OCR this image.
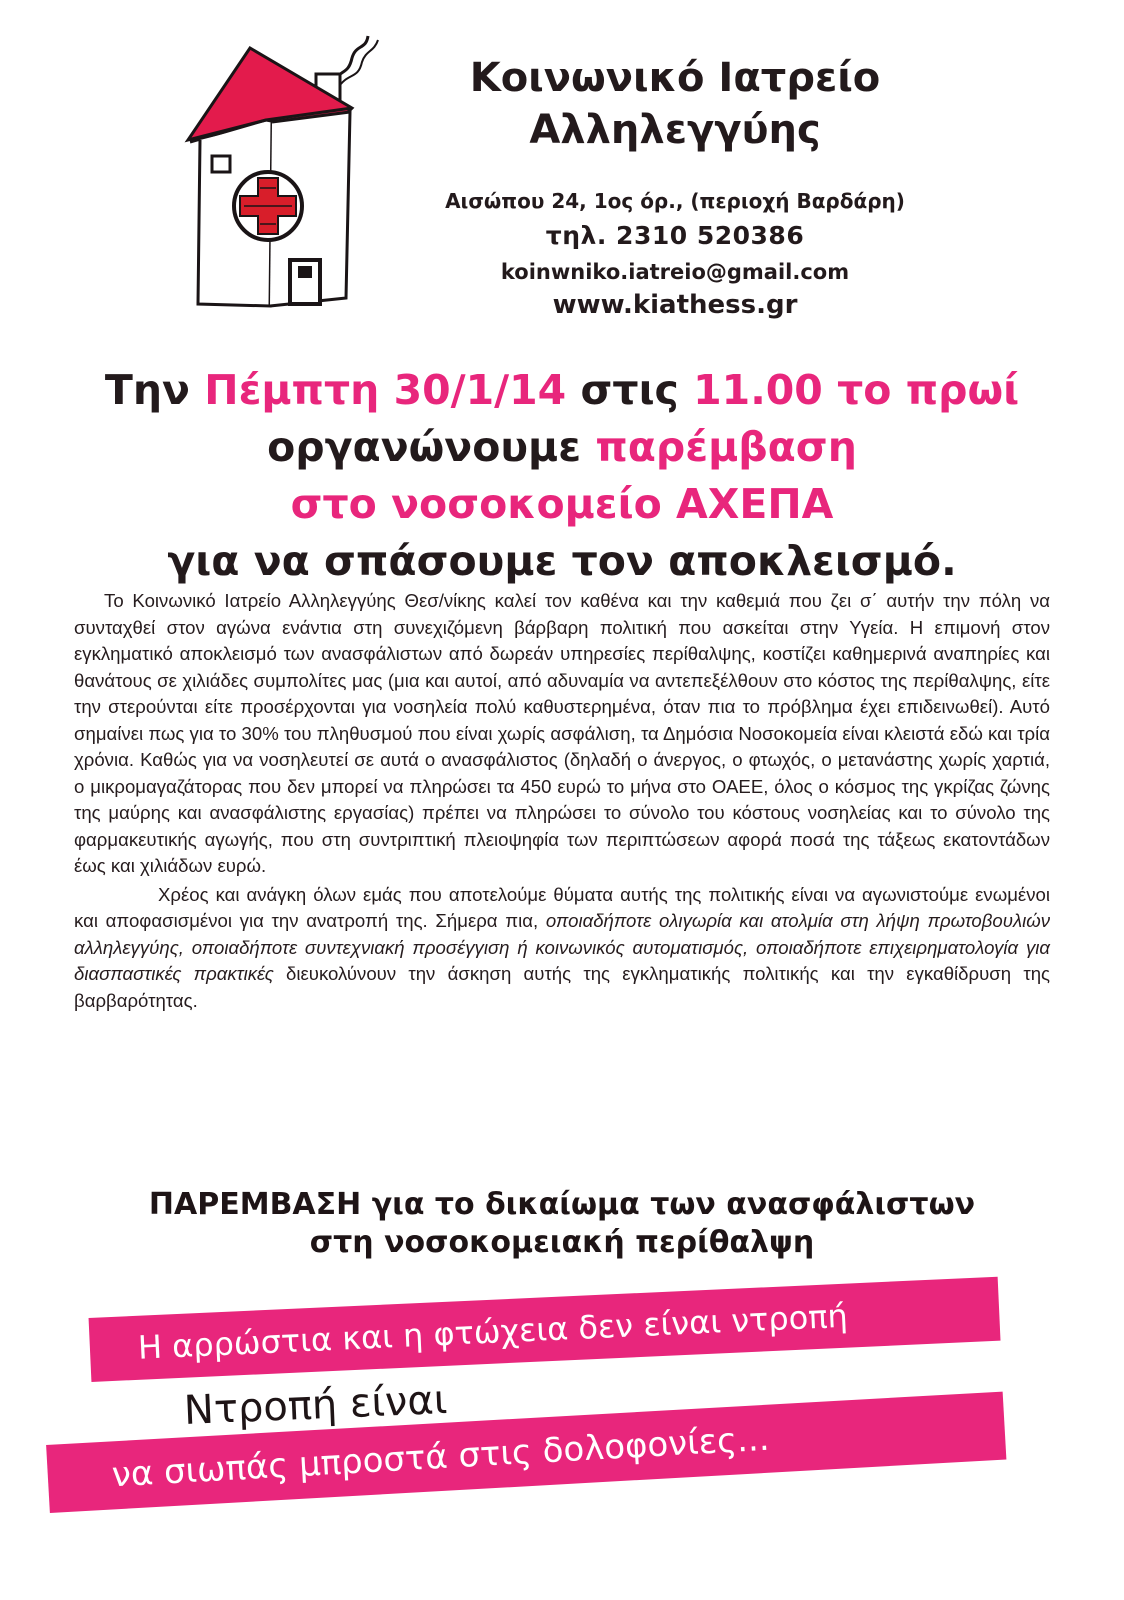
Κοινωνικό Ιατρείο
Αλληλεγγύης
Αισώπου 24, 1ος όρ., (περιοχή Βαρδάρη)
τηλ. 2310 520386
koinwniko.iatreio@gmail.com
www.kiathess.gr
Την Πέμπτη 30/1/14 στις 11.00 το πρωί
οργανώνουμε παρέμβαση
στο νοσοκομείο ΑΧΕΠΑ
για να σπάσουμε τον αποκλεισμό.

Το Κοινωνικό Ιατρείο Αλληλεγγύης Θεσ/νίκης καλεί τον καθένα και την καθεμιά που ζει σ΄ αυτήν την πόλη να συνταχθεί στον αγώνα ενάντια στη συνεχιζόμενη βάρβαρη πολιτική που ασκείται στην Υγεία. Η επιμονή στον εγκληματικό αποκλεισμό των ανασφάλιστων από δωρεάν υπηρεσίες περίθαλψης, κοστίζει καθημερινά αναπηρίες και θανάτους σε χιλιάδες συμπολίτες μας (μια και αυτοί, από αδυναμία να αντεπεξέλθουν στο κόστος της περίθαλψης, είτε την στερούνται είτε προσέρχονται για νοσηλεία πολύ καθυστερημένα, όταν πια το πρόβλημα έχει επιδεινωθεί). Αυτό σημαίνει πως για το 30% του πληθυσμού που είναι χωρίς ασφάλιση, τα Δημόσια Νοσοκομεία είναι κλειστά εδώ και τρία χρόνια. Καθώς για να νοσηλευτεί σε αυτά ο ανασφάλιστος (δηλαδή ο άνεργος, ο φτωχός, ο μετανάστης χωρίς χαρτιά, ο μικρομαγαζάτορας που δεν μπορεί να πληρώσει τα 450 ευρώ το μήνα στο ΟΑΕΕ, όλος ο κόσμος της γκρίζας ζώνης της μαύρης και ανασφάλιστης εργασίας) πρέπει να πληρώσει το σύνολο του κόστους νοσηλείας και το σύνολο της φαρμακευτικής αγωγής, που στη συντριπτική πλειοψηφία των περιπτώσεων αφορά ποσά της τάξεως εκατοντάδων έως και χιλιάδων ευρώ.

Χρέος και ανάγκη όλων εμάς που αποτελούμε θύματα αυτής της πολιτικής είναι να αγωνιστούμε ενωμένοι και αποφασισμένοι για την ανατροπή της. Σήμερα πια, οποιαδήποτε ολιγωρία και ατολμία στη λήψη πρωτοβουλιών αλληλεγγύης, οποιαδήποτε συντεχνιακή προσέγγιση ή κοινωνικός αυτοματισμός, οποιαδήποτε επιχειρηματολογία για διασπαστικές πρακτικές διευκολύνουν την άσκηση αυτής της εγκληματικής πολιτικής και την εγκαθίδρυση της βαρβαρότητας.

ΠΑΡΕΜΒΑΣΗ για το δικαίωμα των ανασφάλιστων
στη νοσοκομειακή περίθαλψη
Η αρρώστια και η φτώχεια δεν είναι ντροπή
Ντροπή είναι
να σιωπάς μπροστά στις δολοφονίες...
